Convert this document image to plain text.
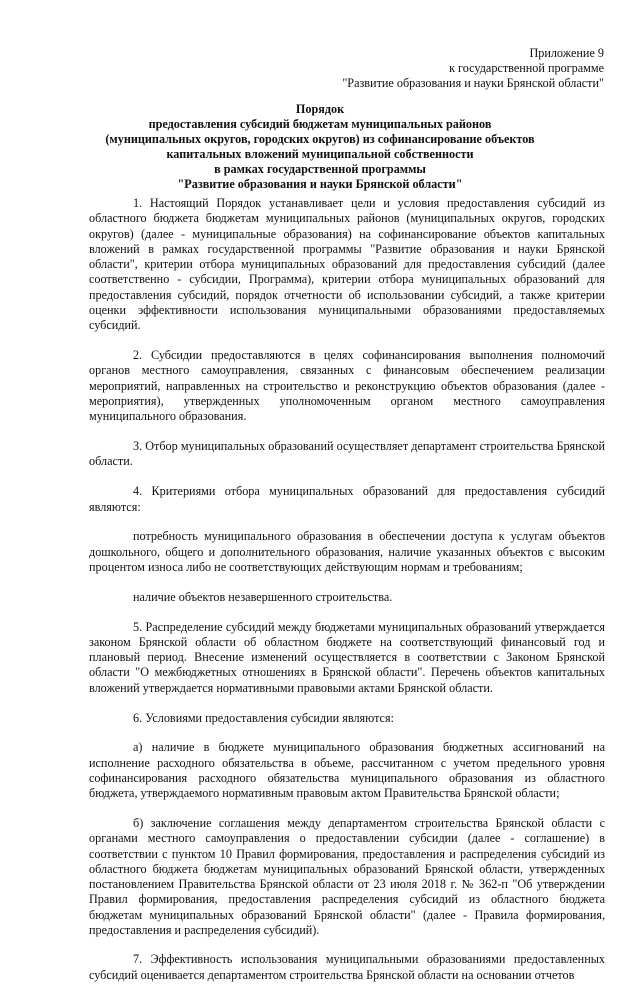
Приложение 9
к государственной программе
"Развитие образования и науки Брянской области"
Порядок
предоставления субсидий бюджетам муниципальных районов
(муниципальных округов, городских округов) из софинансирование объектов
капитальных вложений муниципальной собственности
в рамках государственной программы
"Развитие образования и науки Брянской области"

1. Настоящий Порядок устанавливает цели и условия предоставления субсидий из областного бюджета бюджетам муниципальных районов (муниципальных округов, городских округов) (далее - муниципальные образования) на софинансирование объектов капитальных вложений в рамках государственной программы "Развитие образования и науки Брянской области", критерии отбора муниципальных образований для предоставления субсидий (далее соответственно - субсидии, Программа), критерии отбора муниципальных образований для предоставления субсидий, порядок отчетности об использовании субсидий, а также критерии оценки эффективности использования муниципальными образованиями предоставляемых субсидий.

2. Субсидии предоставляются в целях софинансирования выполнения полномочий органов местного самоуправления, связанных с финансовым обеспечением реализации мероприятий, направленных на строительство и реконструкцию объектов образования (далее - мероприятия), утвержденных уполномоченным органом местного самоуправления муниципального образования.

3. Отбор муниципальных образований осуществляет департамент строительства Брянской области.

4. Критериями отбора муниципальных образований для предоставления субсидий являются:

потребность муниципального образования в обеспечении доступа к услугам объектов дошкольного, общего и дополнительного образования, наличие указанных объектов с высоким процентом износа либо не соответствующих действующим нормам и требованиям;

наличие объектов незавершенного строительства.

5. Распределение субсидий между бюджетами муниципальных образований утверждается законом Брянской области об областном бюджете на соответствующий финансовый год и плановый период. Внесение изменений осуществляется в соответствии с Законом Брянской области "О межбюджетных отношениях в Брянской области". Перечень объектов капитальных вложений утверждается нормативными правовыми актами Брянской области.

6. Условиями предоставления субсидии являются:

а) наличие в бюджете муниципального образования бюджетных ассигнований на исполнение расходного обязательства в объеме, рассчитанном с учетом предельного уровня софинансирования расходного обязательства муниципального образования из областного бюджета, утверждаемого нормативным правовым актом Правительства Брянской области;

б) заключение соглашения между департаментом строительства Брянской области с органами местного самоуправления о предоставлении субсидии (далее - соглашение) в соответствии с пунктом 10 Правил формирования, предоставления и распределения субсидий из областного бюджета бюджетам муниципальных образований Брянской области, утвержденных постановлением Правительства Брянской области от 23 июля 2018 г. № 362-п "Об утверждении Правил формирования, предоставления распределения субсидий из областного бюджета бюджетам муниципальных образований Брянской области" (далее - Правила формирования, предоставления и распределения субсидий).

7. Эффективность использования муниципальными образованиями предоставленных субсидий оценивается департаментом строительства Брянской области на основании отчетов
